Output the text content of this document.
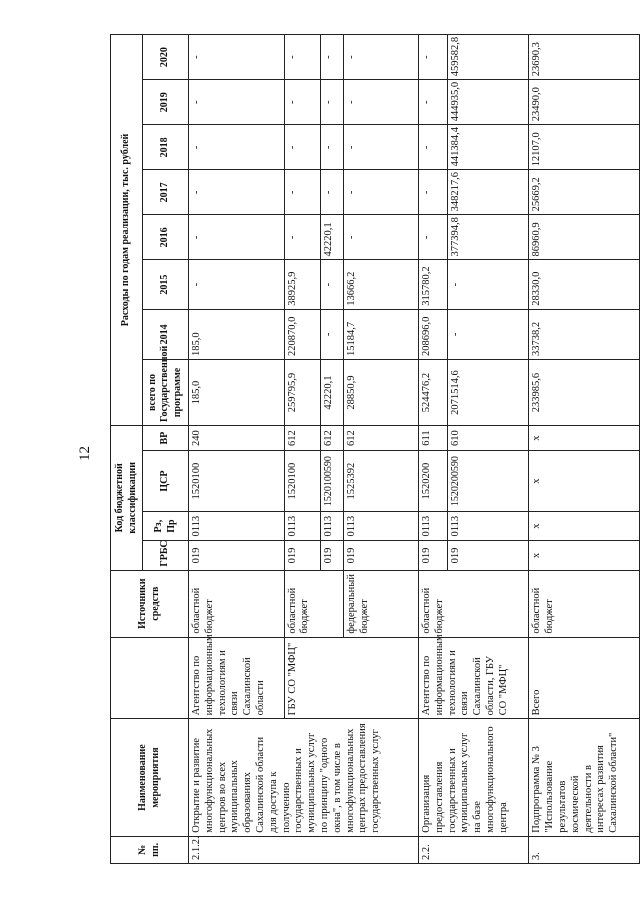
12
№ пп.	Наименование мероприятия		Источники средств	Код бюджетной классификации				Расходы по годам реализации, тыс. рублей							
				ГРБС	Рз, Пр	ЦСР	ВР	всего по Государственной программе	2014	2015	2016	2017	2018	2019	2020
2.1.2.	Открытие и развитие многофункциональных центров во всех муниципальных образованиях Сахалинской области для доступа к получению государственных и муниципальных услуг по принципу "одного окна", в том числе в многофункциональных центрах предоставления государственных услуг	Агентство по информационным технологиям и связи Сахалинской области	областной бюджет	019	0113	1520100	240	185,0	185,0	-	-	-	-	-	-
		ГБУ СО "МФЦ"	областной бюджет	019	0113	1520100	612	259795,9	220870,0	38925,9	-	-	-	-	-
				019	0113	1520100590	612	42220,1	-	-	42220,1	-	-	-	-
			федеральный бюджет	019	0113	1525392	612	28850,9	15184,7	13666,2	-	-	-	-	-
2.2.	Организация предоставления государственных и муниципальных услуг на базе многофункционального центра	Агентство по информационным технологиям и связи Сахалинской области, ГБУ СО "МФЦ"	областной бюджет	019	0113	1520200	611	524476,2	208696,0	315780,2	-	-	-	-	-
				019	0113	1520200590	610	2071514,6	-	-	377394,8	348217,6	441384,4	444935,0	459582,8
3.	Подпрограмма № 3 "Использование результатов космической деятельности в интересах развития Сахалинской области"	Всего	областной бюджет	х	х	х	х	233985,6	33738,2	28330,0	86960,9	25669,2	12107,0	23490,0	23690,3
